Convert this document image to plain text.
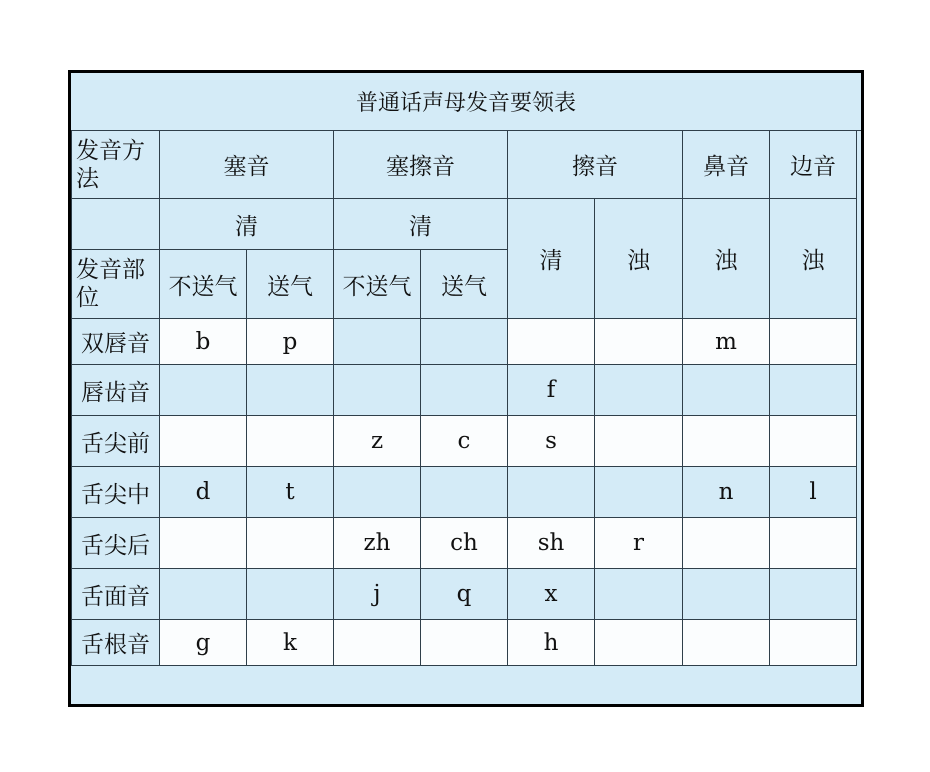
普通话声母发音要领表
发音方法	塞音		塞擦音		擦音		鼻音	边音
	清		清		清	浊	浊	浊
发音部位	不送气	送气	不送气	送气				
双唇音	b	p					m	
唇齿音					f			
舌尖前			z	c	s			
舌尖中	d	t					n	l
舌尖后			zh	ch	sh	r		
舌面音			j	q	x			
舌根音	g	k			h			
